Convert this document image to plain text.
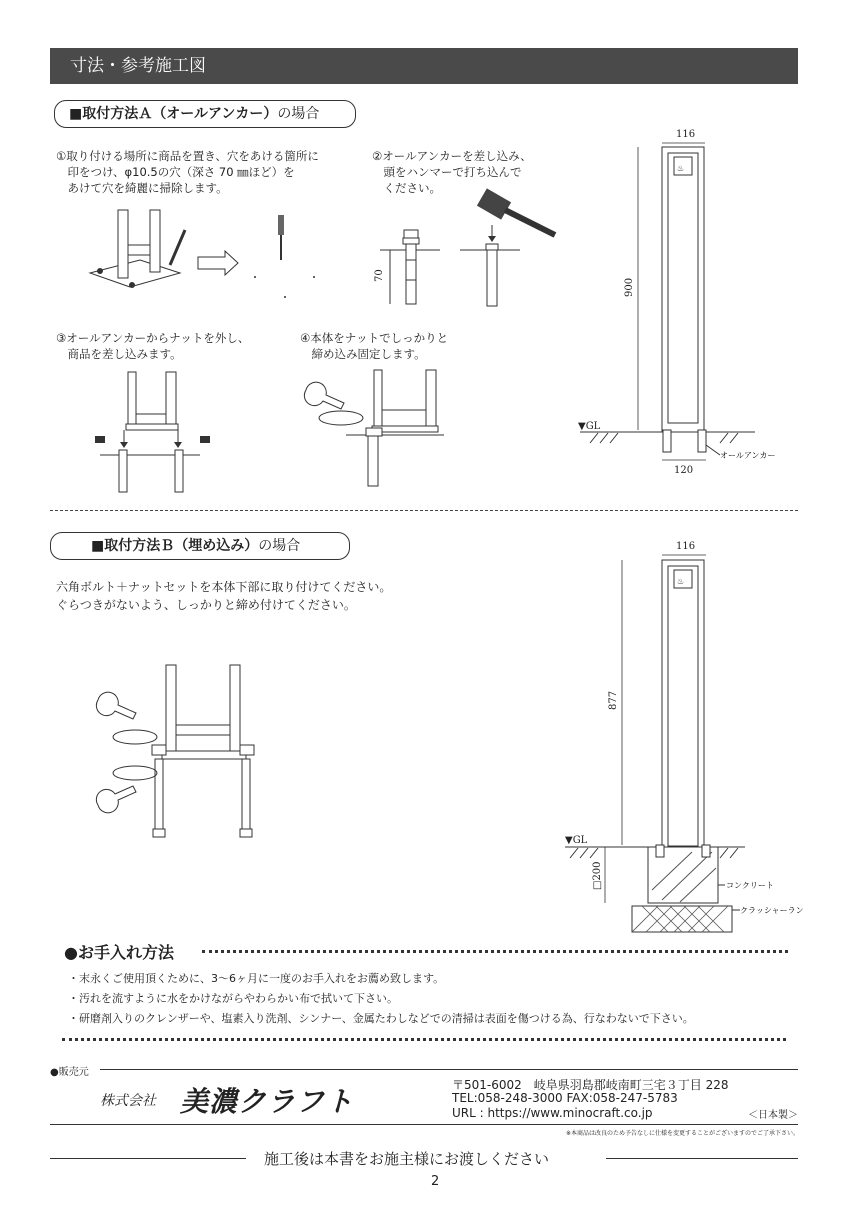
寸法・参考施工図
■取付方法Ａ（オールアンカー）の場合
①取り付ける場所に商品を置き、穴をあける箇所に
　印をつけ、φ10.5の穴（深さ 70 ㎜ほど）を
　あけて穴を綺麗に掃除します。
②オールアンカーを差し込み、
　頭をハンマーで打ち込んで
　ください。
③オールアンカーからナットを外し、
　商品を差し込みます。
④本体をナットでしっかりと
　締め込み固定します。
70
116
900
♨
▼GL
120
オールアンカー
■取付方法Ｂ（埋め込み）の場合
六角ボルト＋ナットセットを本体下部に取り付けてください。
ぐらつきがないよう、しっかりと締め付けてください。
116
877
♨
▼GL
□200	コンクリート
クラッシャーラン
●お手入れ方法
・末永くご使用頂くために、3〜6ヶ月に一度のお手入れをお薦め致します。
・汚れを流すように水をかけながらやわらかい布で拭いて下さい。
・研磨剤入りのクレンザーや、塩素入り洗剤、シンナー、金属たわしなどでの清掃は表面を傷つける為、行なわないで下さい。
●販売元
株式会社 美濃クラフト	〒501-6002　岐阜県羽島郡岐南町三宅３丁目 228
TEL:058-248-3000 FAX:058-247-5783
URL : https://www.minocraft.co.jp	＜日本製＞
※本商品は改良のため予告なしに仕様を変更することがございますのでご了承下さい。
施工後は本書をお施主様にお渡しください
2
